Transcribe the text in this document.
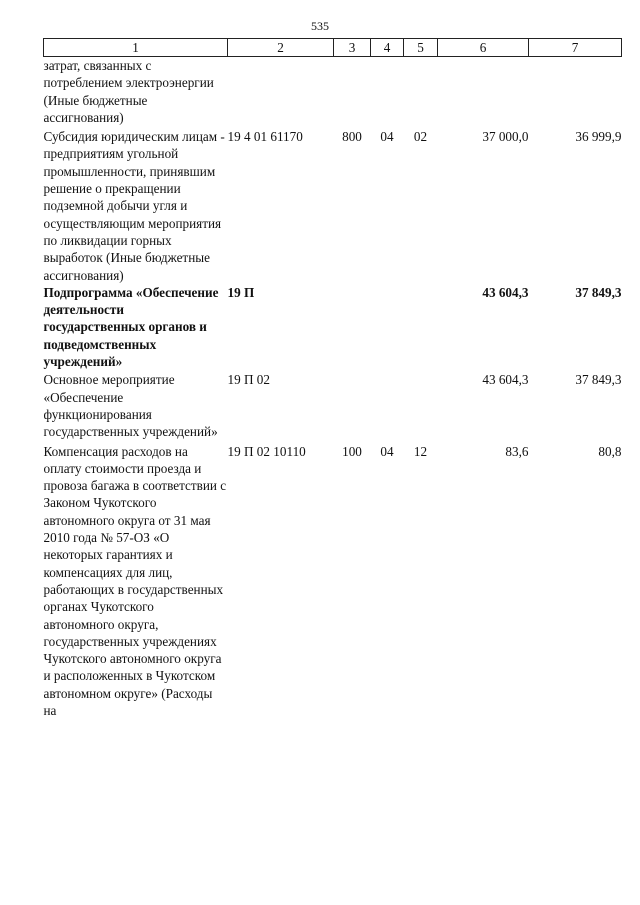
535
1	2	3	4	5	6	7
затрат, связанных с потреблением электроэнергии (Иные бюджетные ассигнования)						
Субсидия юридическим лицам - предприятиям угольной промышленности, принявшим решение о прекращении подземной добычи угля и осуществляющим мероприятия по ликвидации горных выработок (Иные бюджетные ассигнования)	19 4 01 61170	800	04	02	37 000,0	36 999,9
Подпрограмма «Обеспечение деятельности государственных органов и подведомственных учреждений»	19 П				43 604,3	37 849,3
Основное мероприятие «Обеспечение функционирования государственных учреждений»	19 П 02				43 604,3	37 849,3
Компенсация расходов на оплату стоимости проезда и провоза багажа в соответствии с Законом Чукотского автономного округа от 31 мая 2010 года № 57-ОЗ «О некоторых гарантиях и компенсациях для лиц, работающих в государственных органах Чукотского автономного округа, государственных учреждениях Чукотского автономного округа и расположенных в Чукотском автономном округе» (Расходы на	19 П 02 10110	100	04	12	83,6	80,8
